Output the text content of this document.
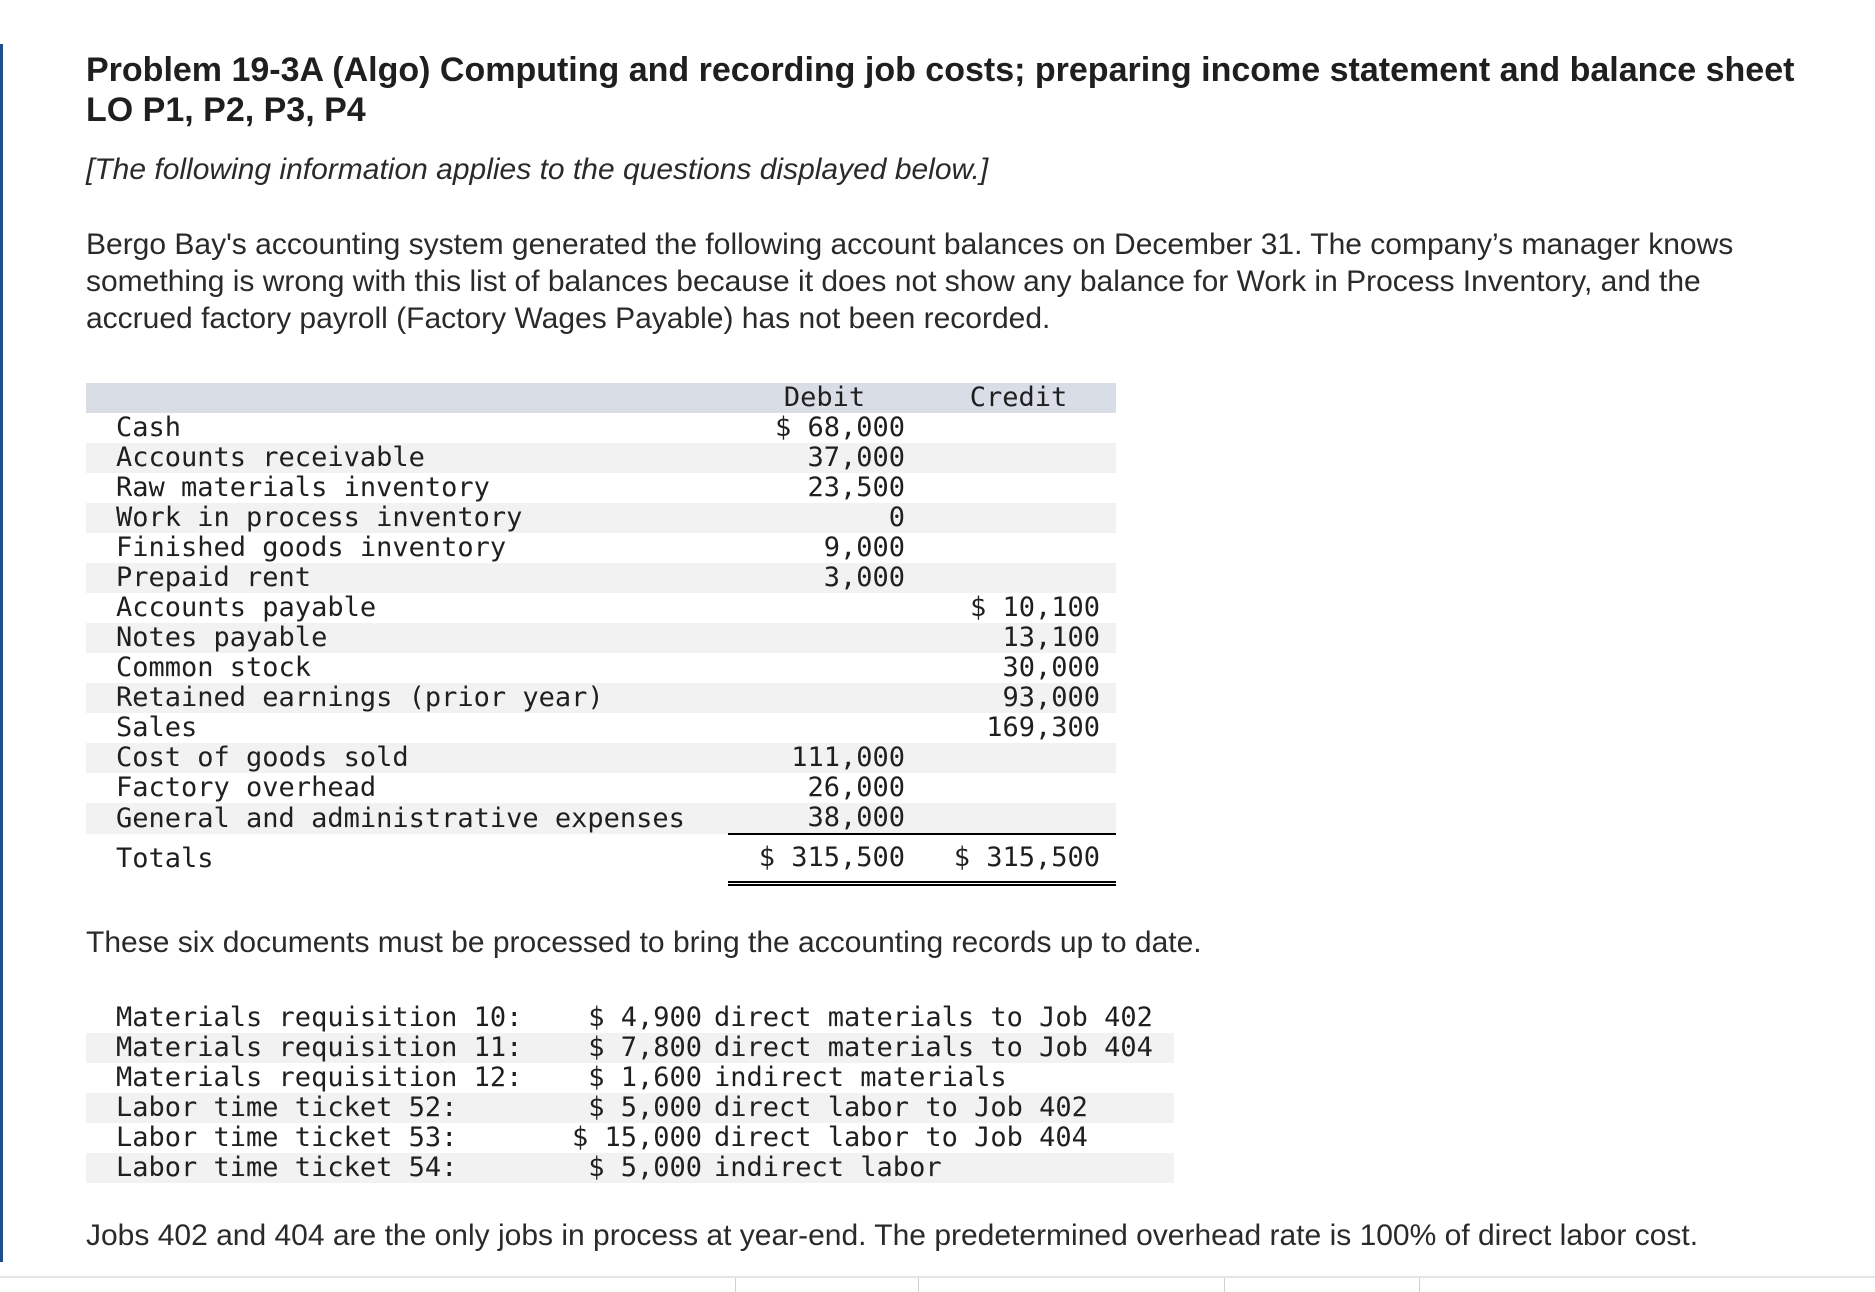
Problem 19-3A (Algo) Computing and recording job costs; preparing income statement and balance sheet LO P1, P2, P3, P4
[The following information applies to the questions displayed below.]
Bergo Bay's accounting system generated the following account balances on December 31. The company’s manager knows something is wrong with this list of balances because it does not show any balance for Work in Process Inventory, and the accrued factory payroll (Factory Wages Payable) has not been recorded.
	Debit	Credit
Cash	$ 68,000	
Accounts receivable	37,000	
Raw materials inventory	23,500	
Work in process inventory	0	
Finished goods inventory	9,000	
Prepaid rent	3,000	
Accounts payable		$ 10,100
Notes payable		13,100
Common stock		30,000
Retained earnings (prior year)		93,000
Sales		169,300
Cost of goods sold	111,000	
Factory overhead	26,000	
General and administrative expenses	38,000	
Totals	$ 315,500	$ 315,500
These six documents must be processed to bring the accounting records up to date.
Materials requisition 10:	$ 4,900	direct materials to Job 402
Materials requisition 11:	$ 7,800	direct materials to Job 404
Materials requisition 12:	$ 1,600	indirect materials
Labor time ticket 52:	$ 5,000	direct labor to Job 402
Labor time ticket 53:	$ 15,000	direct labor to Job 404
Labor time ticket 54:	$ 5,000	indirect labor
Jobs 402 and 404 are the only jobs in process at year-end. The predetermined overhead rate is 100% of direct labor cost.
